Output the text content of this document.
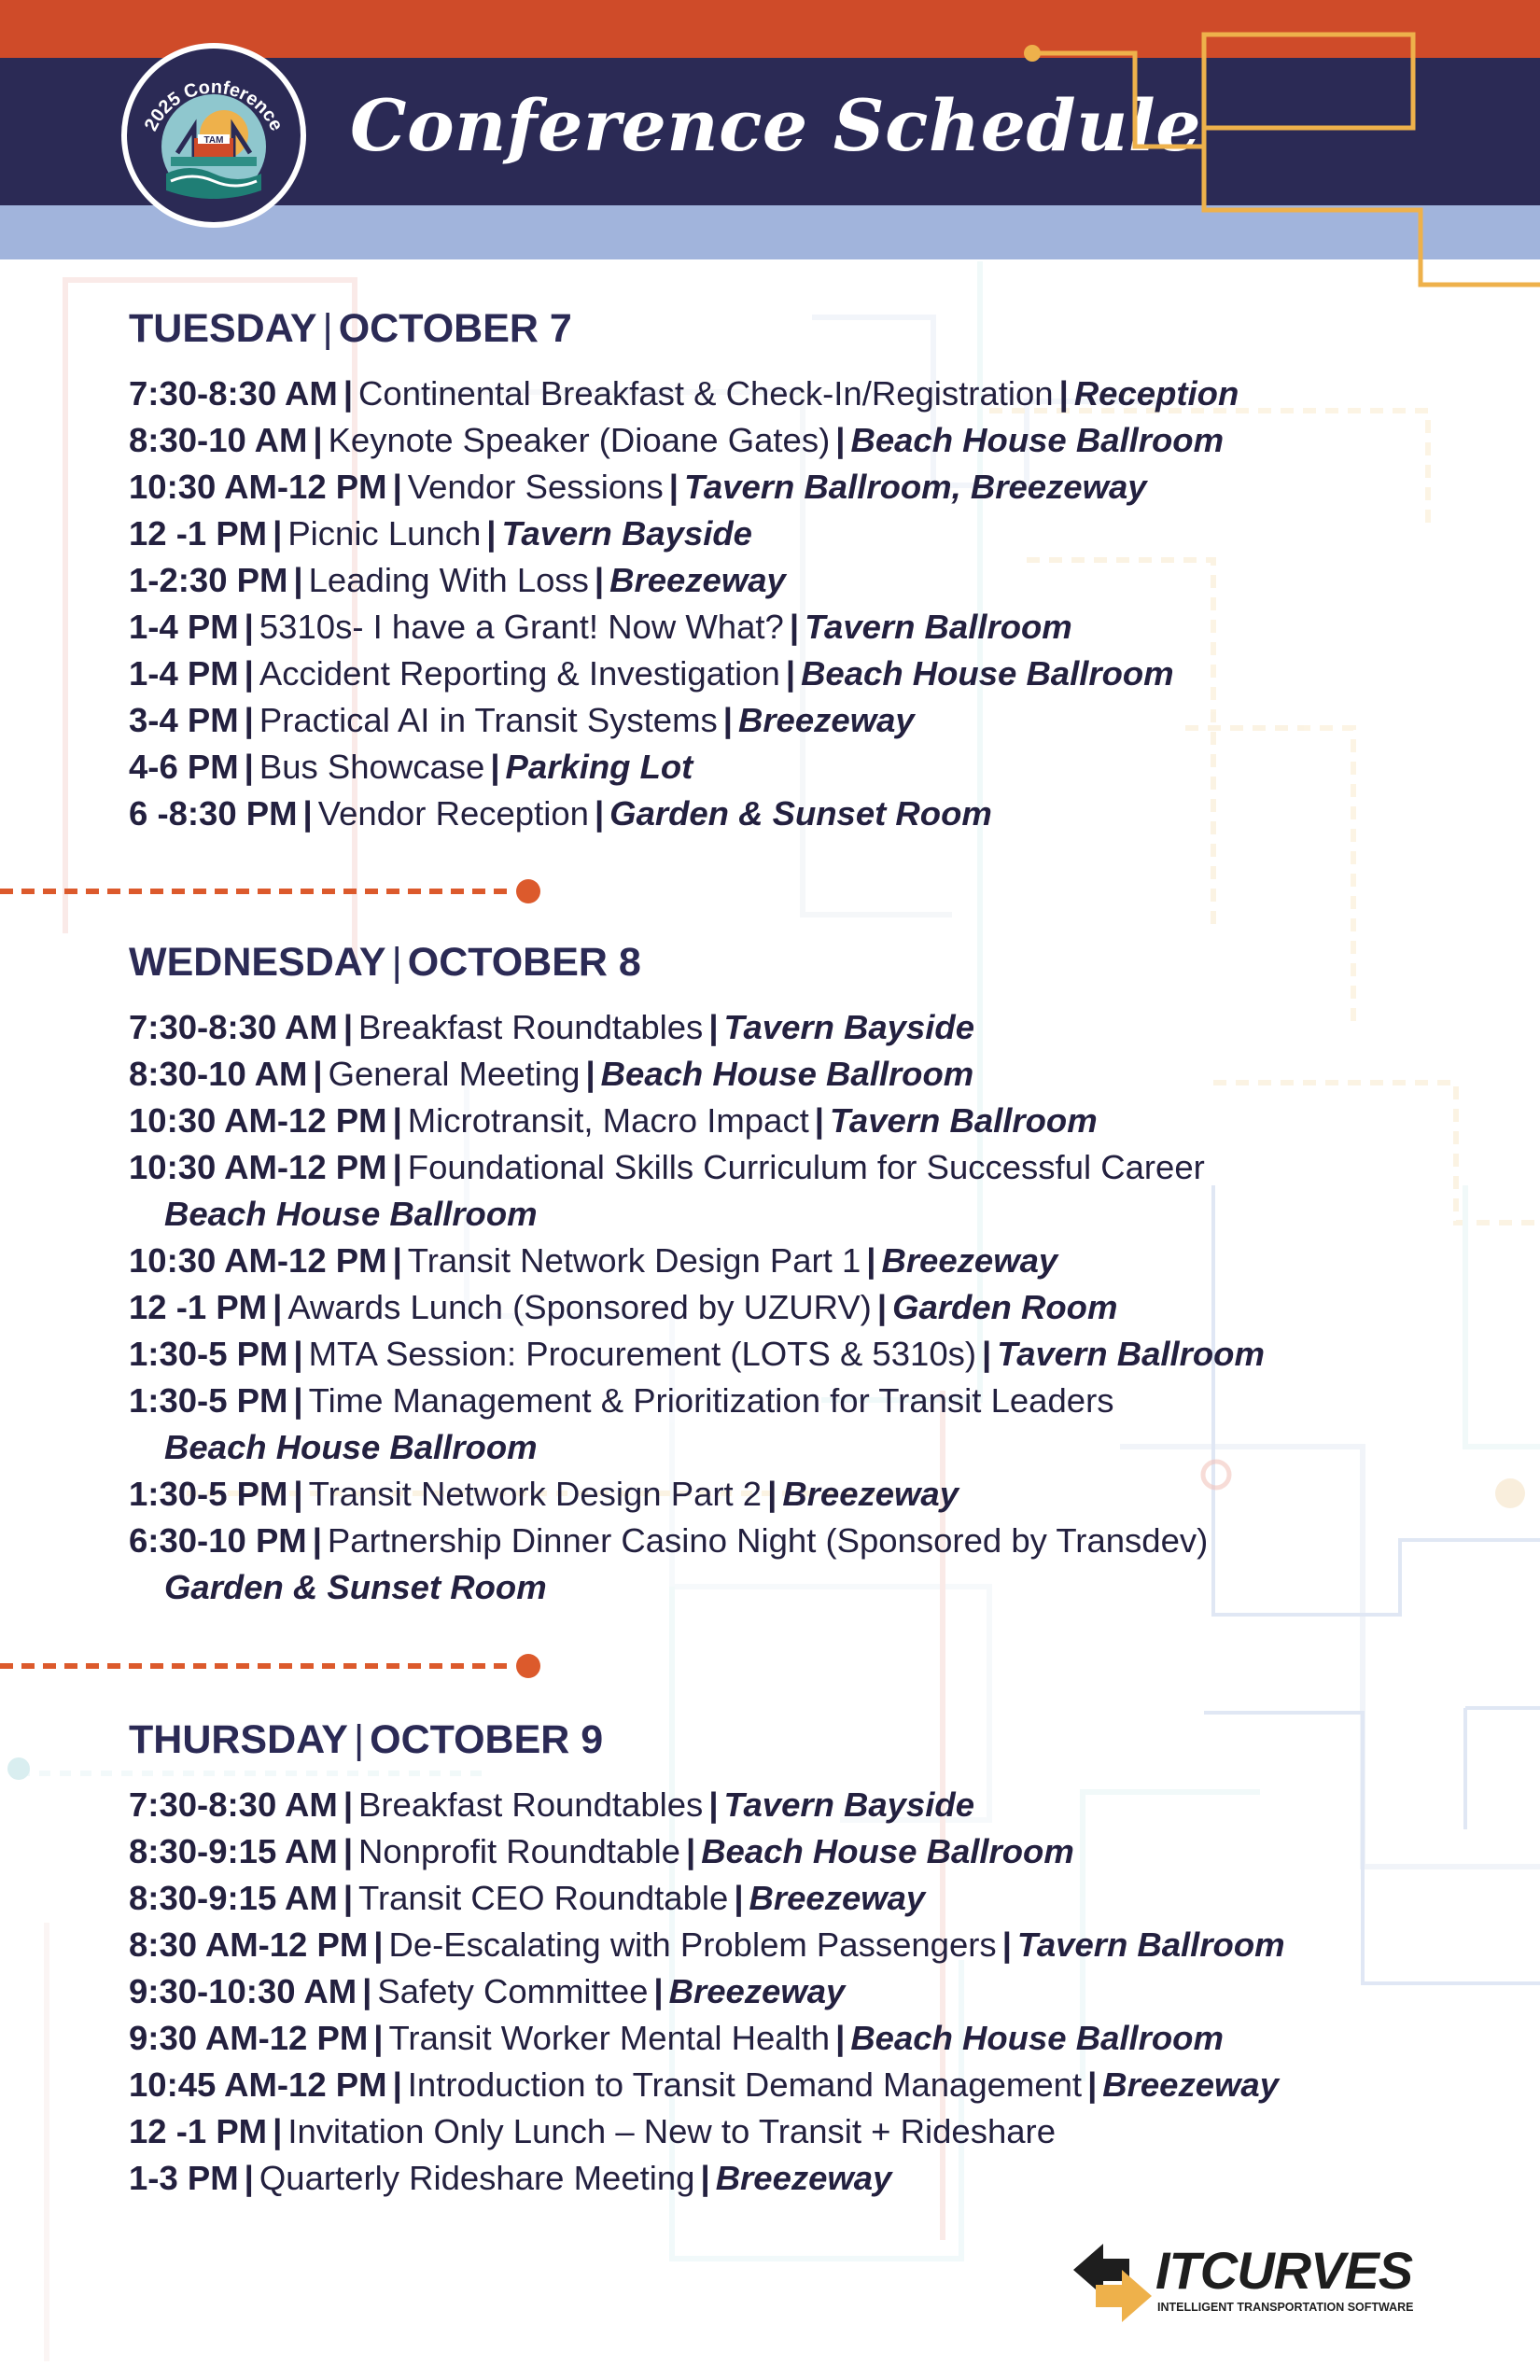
TAM
2025 Conference Conference Schedule
TUESDAY | OCTOBER 7
7:30-8:30 AM | Continental Breakfast & Check-In/Registration | Reception
8:30-10 AM | Keynote Speaker (Dioane Gates) | Beach House Ballroom
10:30 AM-12 PM | Vendor Sessions | Tavern Ballroom, Breezeway
12 -1 PM | Picnic Lunch | Tavern Bayside
1-2:30 PM | Leading With Loss | Breezeway
1-4 PM | 5310s- I have a Grant! Now What? | Tavern Ballroom
1-4 PM | Accident Reporting & Investigation | Beach House Ballroom
3-4 PM | Practical AI in Transit Systems | Breezeway
4-6 PM | Bus Showcase | Parking Lot
6 -8:30 PM | Vendor Reception | Garden & Sunset Room
WEDNESDAY | OCTOBER 8
7:30-8:30 AM | Breakfast Roundtables | Tavern Bayside
8:30-10 AM | General Meeting | Beach House Ballroom
10:30 AM-12 PM | Microtransit, Macro Impact | Tavern Ballroom
10:30 AM-12 PM | Foundational Skills Curriculum for Successful Career
Beach House Ballroom
10:30 AM-12 PM | Transit Network Design Part 1 | Breezeway
12 -1 PM | Awards Lunch (Sponsored by UZURV) | Garden Room
1:30-5 PM | MTA Session: Procurement (LOTS & 5310s) | Tavern Ballroom
1:30-5 PM | Time Management & Prioritization for Transit Leaders
Beach House Ballroom
1:30-5 PM | Transit Network Design Part 2 | Breezeway
6:30-10 PM | Partnership Dinner Casino Night (Sponsored by Transdev)
Garden & Sunset Room
THURSDAY | OCTOBER 9
7:30-8:30 AM | Breakfast Roundtables | Tavern Bayside
8:30-9:15 AM | Nonprofit Roundtable | Beach House Ballroom
8:30-9:15 AM | Transit CEO Roundtable | Breezeway
8:30 AM-12 PM | De-Escalating with Problem Passengers | Tavern Ballroom
9:30-10:30 AM | Safety Committee | Breezeway
9:30 AM-12 PM | Transit Worker Mental Health | Beach House Ballroom
10:45 AM-12 PM | Introduction to Transit Demand Management | Breezeway
12 -1 PM | Invitation Only Lunch – New to Transit + Rideshare
1-3 PM | Quarterly Rideshare Meeting | Breezeway
ITCURVES
INTELLIGENT TRANSPORTATION SOFTWARE
